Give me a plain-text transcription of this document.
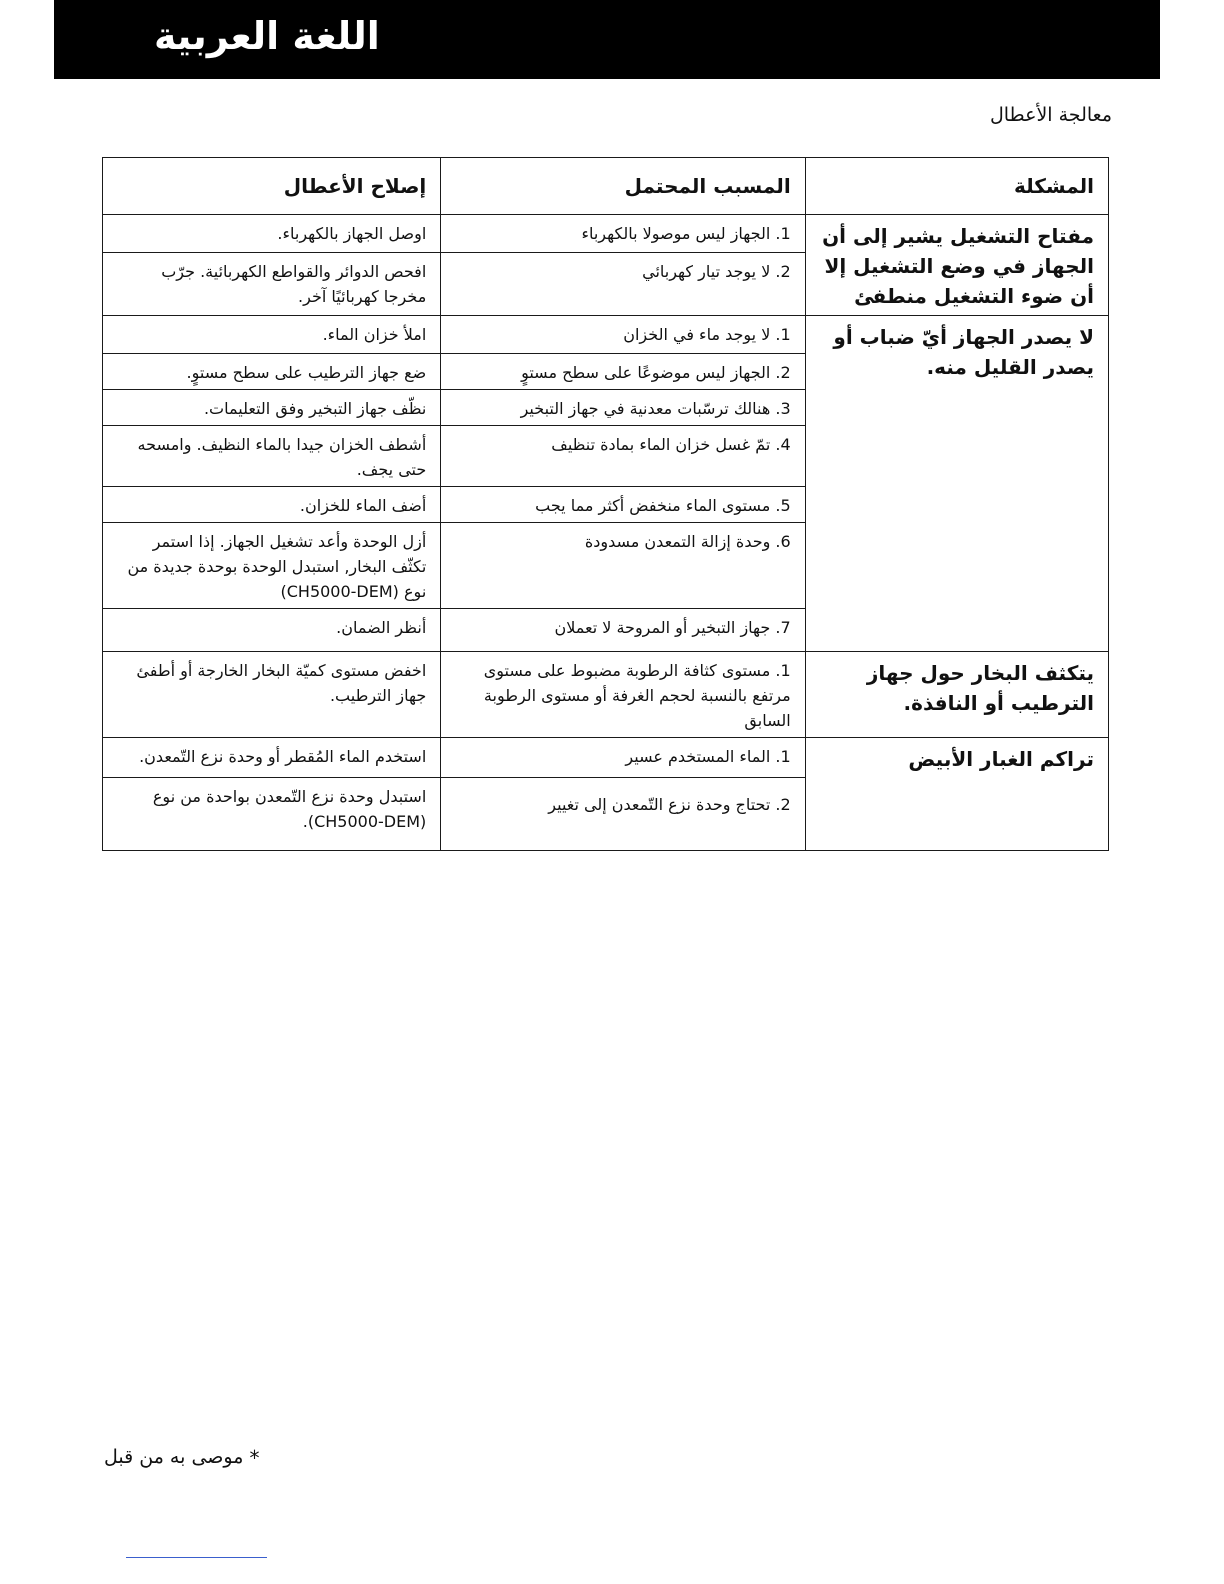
اللغة العربية
معالجة الأعطال
المشكلة	المسبب المحتمل	إصلاح الأعطال
مفتاح التشغيل يشير إلى أن الجهاز في وضع التشغيل إلا أن ضوء التشغيل منطفئ	1. الجهاز ليس موصولا بالكهرباء	اوصل الجهاز بالكهرباء.
	2. لا يوجد تيار كهربائي	افحص الدوائر والقواطع الكهربائية. جرّب مخرجا كهربائيًا آخر.
لا يصدر الجهاز أيّ ضباب أو يصدر القليل منه.	1. لا يوجد ماء في الخزان	املأ خزان الماء.
	2. الجهاز ليس موضوعًا على سطح مستوٍ	ضع جهاز الترطيب على سطح مستوٍ.
	3. هنالك ترسّبات معدنية في جهاز التبخير	نظّف جهاز التبخير وفق التعليمات.
	4. تمّ غسل خزان الماء بمادة تنظيف	أشطف الخزان جيدا بالماء النظيف. وامسحه حتى يجف.
	5. مستوى الماء منخفض أكثر مما يجب	أضف الماء للخزان.
	6. وحدة إزالة التمعدن مسدودة	أزل الوحدة وأعد تشغيل الجهاز. إذا استمر تكثّف البخار, استبدل الوحدة بوحدة جديدة من نوع (CH5000-DEM)
	7. جهاز التبخير أو المروحة لا تعملان	أنظر الضمان.
يتكثف البخار حول جهاز الترطيب أو النافذة.	1. مستوى كثافة الرطوبة مضبوط على مستوى مرتفع بالنسبة لحجم الغرفة أو مستوى الرطوبة السابق	اخفض مستوى كميّة البخار الخارجة أو أطفئ جهاز الترطيب.
تراكم الغبار الأبيض	1. الماء المستخدم عسير	استخدم الماء المُقطر أو وحدة نزع التّمعدن.
	2. تحتاج وحدة نزع التّمعدن إلى تغيير	استبدل وحدة نزع التّمعدن بواحدة من نوع (CH5000-DEM).
* موصى به من قبل
